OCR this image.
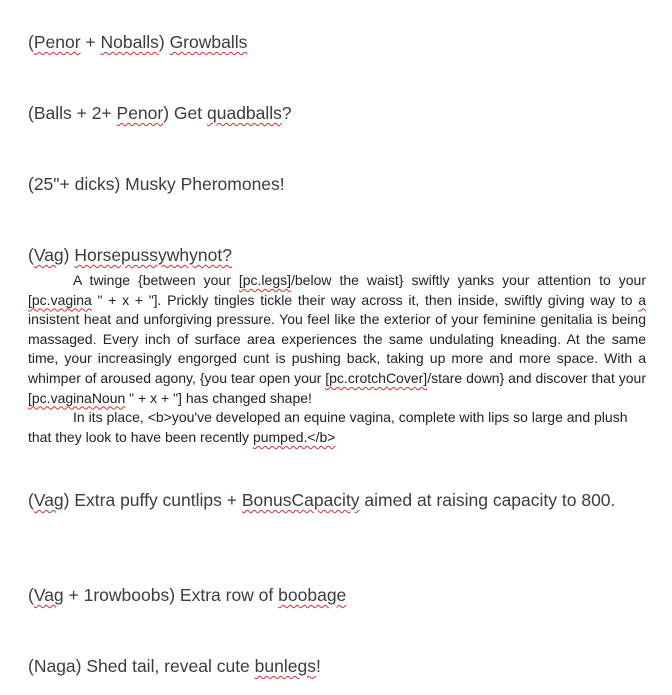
(Penor + Noballs) Growballs
(Balls + 2+ Penor) Get quadballs?
(25"+ dicks) Musky Pheromones!
(Vag) Horsepussywhynot?

A twinge {between your [pc.legs]/below the waist} swiftly yanks your attention to your [pc.vagina " + x + "]. Prickly tingles tickle their way across it, then inside, swiftly giving way to a insistent heat and unforgiving pressure. You feel like the exterior of your feminine genitalia is being massaged. Every inch of surface area experiences the same undulating kneading. At the same time, your increasingly engorged cunt is pushing back, taking up more and more space. With a whimper of aroused agony, {you tear open your [pc.crotchCover]/stare down} and discover that your [pc.vaginaNoun " + x + "] has changed shape!

In its place, <b>you've developed an equine vagina, complete with lips so large and plush that they look to have been recently pumped.</b>

(Vag) Extra puffy cuntlips + BonusCapacity aimed at raising capacity to 800.
(Vag + 1rowboobs) Extra row of boobage
(Naga) Shed tail, reveal cute bunlegs!
